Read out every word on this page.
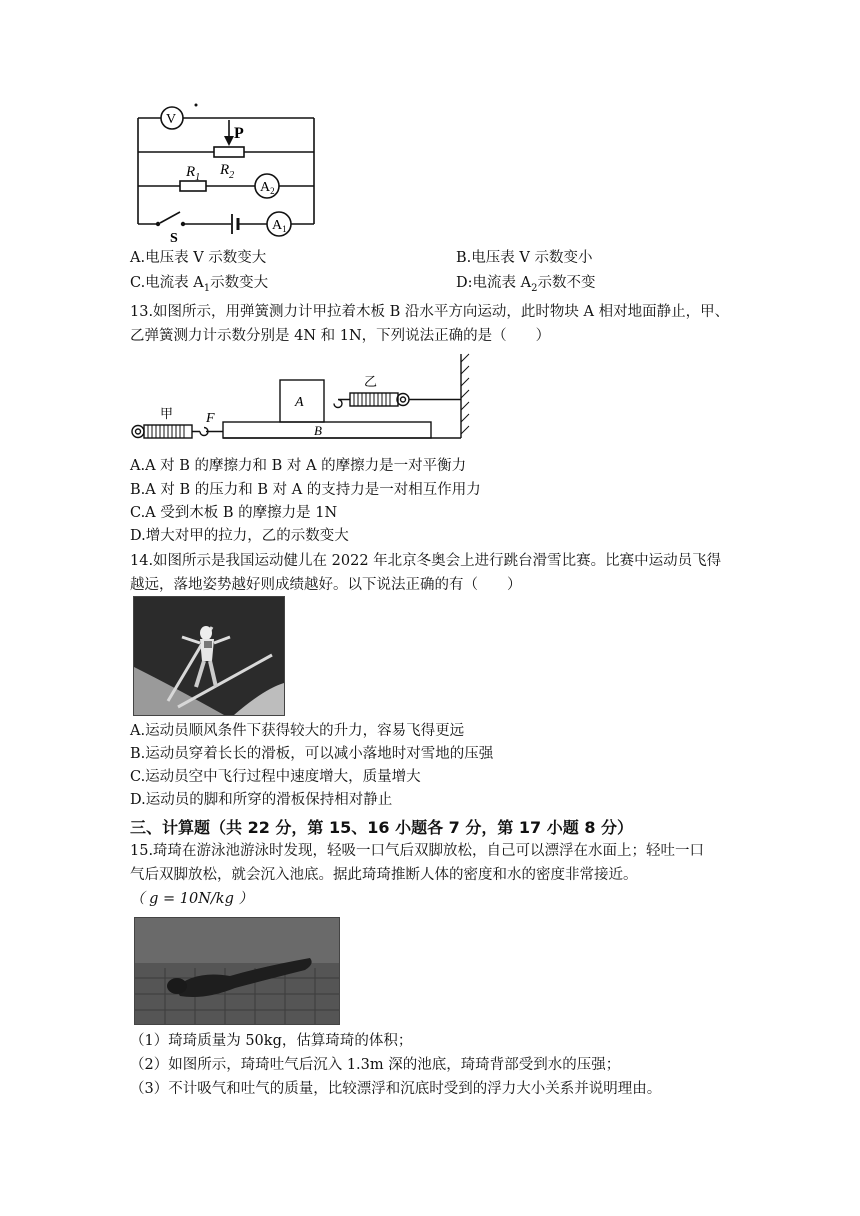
V
P
$R_2$
$R_1$
$A_2$
$A_1$
S
A.电压表 V 示数变大	B.电压表 V 示数变小
C.电流表 $A_1$示数变大	D:电流表 $A_2$示数不变
13.如图所示，用弹簧测力计甲拉着木板 B 沿水平方向运动，此时物块 A 相对地面静止，甲、
乙弹簧测力计示数分别是 4N 和 1N，下列说法正确的是（　　）
甲 F
A
乙
B
A.A 对 B 的摩擦力和 B 对 A 的摩擦力是一对平衡力
B.A 对 B 的压力和 B 对 A 的支持力是一对相互作用力
C.A 受到木板 B 的摩擦力是 1N
D.增大对甲的拉力，乙的示数变大
14.如图所示是我国运动健儿在 2022 年北京冬奥会上进行跳台滑雪比赛。比赛中运动员飞得
越远，落地姿势越好则成绩越好。以下说法正确的有（　　）
A.运动员顺风条件下获得较大的升力，容易飞得更远
B.运动员穿着长长的滑板，可以减小落地时对雪地的压强
C.运动员空中飞行过程中速度增大，质量增大
D.运动员的脚和所穿的滑板保持相对静止
三、计算题（共 22 分，第 15、16 小题各 7 分，第 17 小题 8 分）
15.琦琦在游泳池游泳时发现，轻吸一口气后双脚放松，自己可以漂浮在水面上；轻吐一口
气后双脚放松，就会沉入池底。据此琦琦推断人体的密度和水的密度非常接近。
（ g = 10N/kg ）
（1）琦琦质量为 50kg，估算琦琦的体积；
（2）如图所示，琦琦吐气后沉入 1.3m 深的池底，琦琦背部受到水的压强；
（3）不计吸气和吐气的质量，比较漂浮和沉底时受到的浮力大小关系并说明理由。
